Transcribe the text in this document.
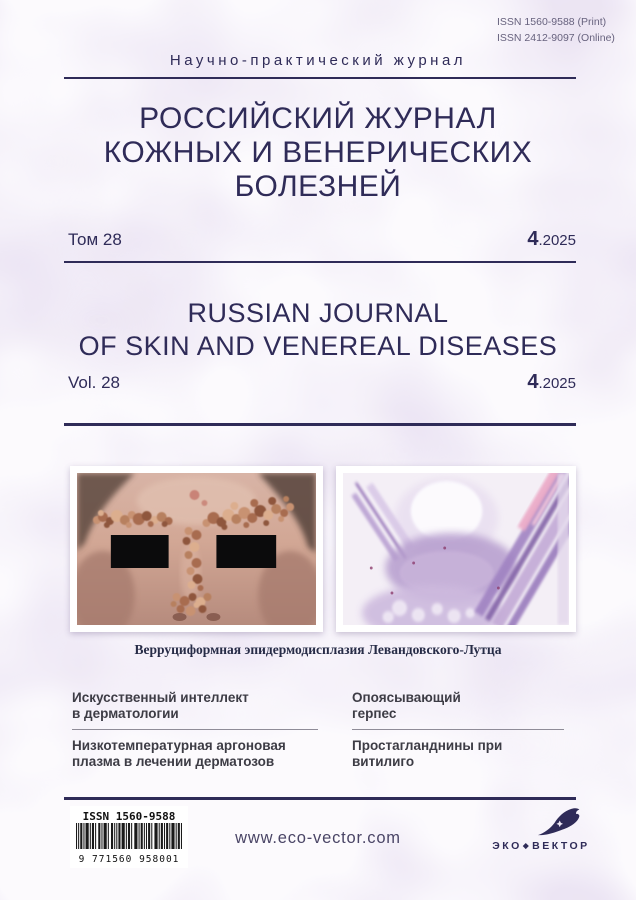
ISSN 1560-9588 (Print)
ISSN 2412-9097 (Online)
Научно-практический журнал
РОССИЙСКИЙ ЖУРНАЛ
КОЖНЫХ И ВЕНЕРИЧЕСКИХ
БОЛЕЗНЕЙ
Том 28	4.2025
RUSSIAN JOURNAL
OF SKIN AND VENEREAL DISEASES
Vol. 28	4.2025
Верруциформная эпидермодисплазия Левандовского-Лутца
Искусственный интеллект
в дерматологии
Низкотемпературная аргоновая
плазма в лечении дерматозов
Опоясывающий
герпес
Простагланднины при витилиго
ISSN 1560-9588
9 771560 958001
www.eco-vector.com	ЭКО◆ВЕКТОР
